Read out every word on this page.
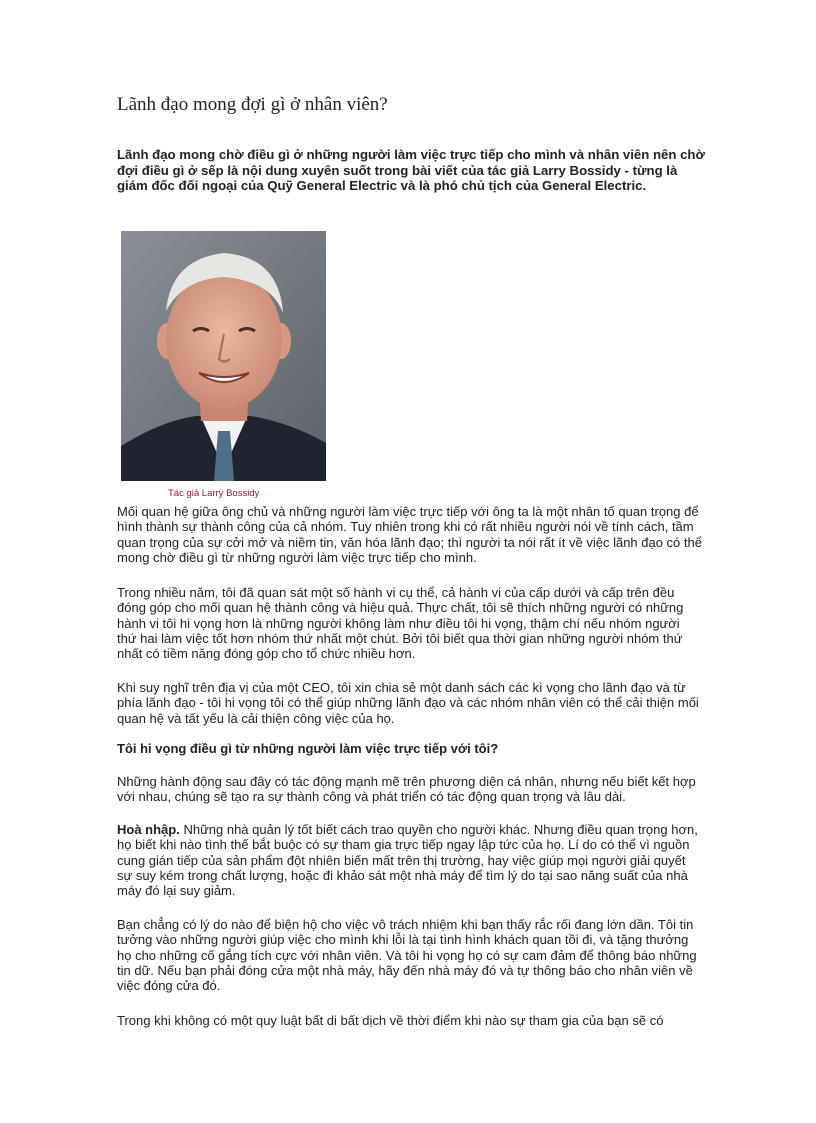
Lãnh đạo mong đợi gì ở nhân viên?

Lãnh đạo mong chờ điều gì ở những người làm việc trực tiếp cho mình và nhân viên nên chờ đợi điều gì ở sếp là nội dung xuyên suốt trong bài viết của tác giả Larry Bossidy - từng là giám đốc đối ngoại của Quỹ General Electric và là phó chủ tịch của General Electric.

Tác giả Larry Bossidy

Mối quan hệ giữa ông chủ và những người làm việc trực tiếp với ông ta là một nhân tố quan trọng để hình thành sự thành công của cả nhóm. Tuy nhiên trong khi có rất nhiều người nói về tính cách, tầm quan trọng của sự cởi mở và niềm tin, văn hóa lãnh đạo; thì người ta nói rất ít về việc lãnh đạo có thể mong chờ điều gì từ những người làm việc trực tiếp cho mình.

Trong nhiều năm, tôi đã quan sát một số hành vi cụ thể, cả hành vi của cấp dưới và cấp trên đều đóng góp cho mối quan hệ thành công và hiệu quả. Thực chất, tôi sẽ thích những người có những hành vi tôi hi vọng hơn là những người không làm như điều tôi hi vọng, thậm chí nếu nhóm người thứ hai làm việc tốt hơn nhóm thứ nhất một chút. Bởi tôi biết qua thời gian những người nhóm thứ nhất có tiềm năng đóng góp cho tổ chức nhiều hơn.

Khi suy nghĩ trên địa vị của một CEO, tôi xin chia sẻ một danh sách các kì vọng cho lãnh đạo và từ phía lãnh đạo - tôi hi vọng tôi có thể giúp những lãnh đạo và các nhóm nhân viên có thể cải thiện mối quan hệ và tất yếu là cải thiện công việc của họ.

Tôi hi vọng điều gì từ những người làm việc trực tiếp với tôi?

Những hành động sau đây có tác động mạnh mẽ trên phương diện cá nhân, nhưng nếu biết kết hợp với nhau, chúng sẽ tạo ra sự thành công và phát triển có tác động quan trọng và lâu dài.

Hoà nhập. Những nhà quản lý tốt biết cách trao quyền cho người khác. Nhưng điều quan trọng hơn, họ biết khi nào tình thế bắt buộc có sự tham gia trực tiếp ngay lập tức của họ. Lí do có thể vì nguồn cung gián tiếp của sản phẩm đột nhiên biến mất trên thị trường, hay việc giúp mọi người giải quyết sự suy kém trong chất lượng, hoặc đi khảo sát một nhà máy để tìm lý do tại sao năng suất của nhà máy đó lại suy giảm.

Bạn chẳng có lý do nào để biện hộ cho việc vô trách nhiệm khi bạn thấy rắc rối đang lớn dần. Tôi tin tưởng vào những người giúp việc cho mình khi lỗi là tại tình hình khách quan tồi đi, và tặng thưởng họ cho những cố gắng tích cực với nhân viên. Và tôi hi vọng họ có sự cam đảm để thông báo những tin dữ. Nếu bạn phải đóng cửa một nhà máy, hãy đến nhà máy đó và tự thông báo cho nhân viên về việc đóng cửa đó.

Trong khi không có một quy luật bất di bất dịch về thời điểm khi nào sự tham gia của bạn sẽ có
